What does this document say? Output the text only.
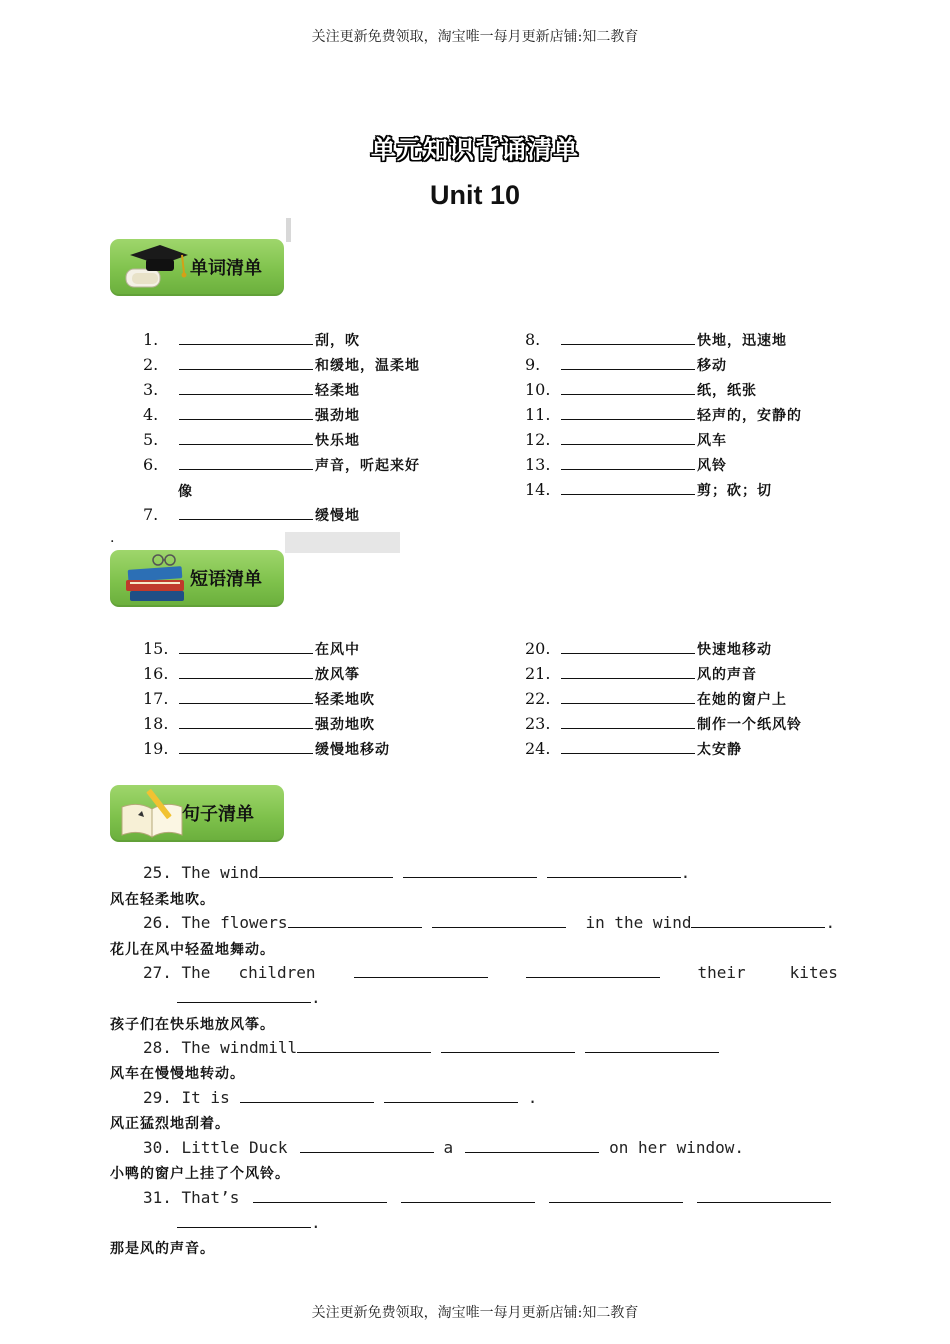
关注更新免费领取，淘宝唯一每月更新店铺:知二教育
单元知识背诵清单
Unit 10
单词清单
1.	刮，吹
2.	和缓地，温柔地
3.	轻柔地
4.	强劲地
5.	快乐地
6.	声音，听起来好
像
7.	缓慢地
8.	快地，迅速地
9.	移动
10.	纸，纸张
11.	轻声的，安静的
12.	风车
13.	风铃
14.	剪；砍；切
.
短语清单
15.	在风中
16.	放风筝
17.	轻柔地吹
18.	强劲地吹
19.	缓慢地移动
20.	快速地移动
21.	风的声音
22.	在她的窗户上
23.	制作一个纸风铃
24.	太安静
句子清单
25. The wind	.
风在轻柔地吹。
26. The flowers	in the wind	.
花儿在风中轻盈地舞动。
27. The children	their	kites
.
孩子们在快乐地放风筝。
28. The windmill
风车在慢慢地转动。
29. It is	.
风正猛烈地刮着。
30. Little Duck	a	on her window.
小鸭的窗户上挂了个风铃。
31. That’s
.
那是风的声音。
关注更新免费领取，淘宝唯一每月更新店铺:知二教育
